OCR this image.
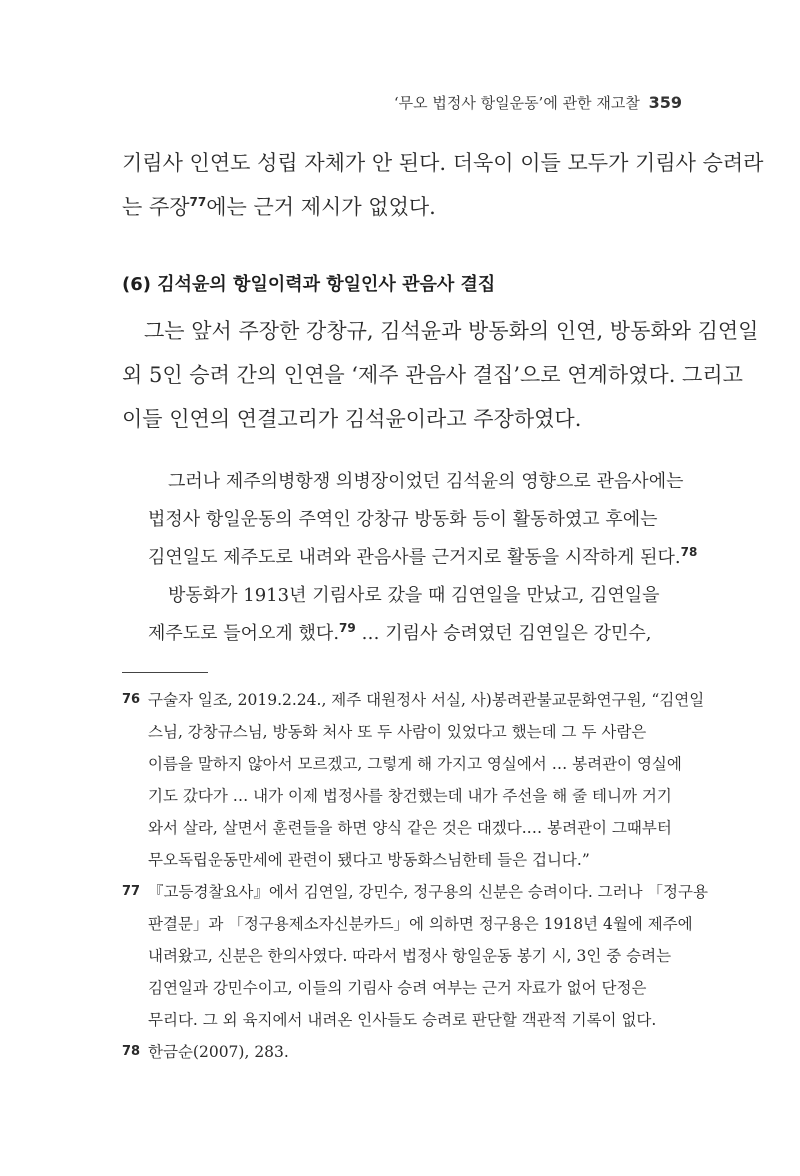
‘무오 법정사 항일운동’에 관한 재고찰 359
기림사 인연도 성립 자체가 안 된다. 더욱이 이들 모두가 기림사 승려라
는 주장$^{77}$에는 근거 제시가 없었다.
(6) 김석윤의 항일이력과 항일인사 관음사 결집
그는 앞서 주장한 강창규, 김석윤과 방동화의 인연, 방동화와 김연일
외 5인 승려 간의 인연을 ‘제주 관음사 결집’으로 연계하였다. 그리고
이들 인연의 연결고리가 김석윤이라고 주장하였다.
그러나 제주의병항쟁 의병장이었던 김석윤의 영향으로 관음사에는
법정사 항일운동의 주역인 강창규 방동화 등이 활동하였고 후에는
김연일도 제주도로 내려와 관음사를 근거지로 활동을 시작하게 된다.$^{78}$
방동화가 1913년 기림사로 갔을 때 김연일을 만났고, 김연일을
제주도로 들어오게 했다.$^{79}$ … 기림사 승려였던 김연일은 강민수,
76 구술자 일조, 2019.2.24., 제주 대원정사 서실, 사)봉려관불교문화연구원, “김연일
스님, 강창규스님, 방동화 처사 또 두 사람이 있었다고 했는데 그 두 사람은
이름을 말하지 않아서 모르겠고, 그렇게 해 가지고 영실에서 … 봉려관이 영실에
기도 갔다가 … 내가 이제 법정사를 창건했는데 내가 주선을 해 줄 테니까 거기
와서 살라, 살면서 훈련들을 하면 양식 같은 것은 대겠다.… 봉려관이 그때부터
무오독립운동만세에 관련이 됐다고 방동화스님한테 들은 겁니다.”
77 『고등경찰요사』에서 김연일, 강민수, 정구용의 신분은 승려이다. 그러나 「정구용
판결문」과 「정구용제소자신분카드」에 의하면 정구용은 1918년 4월에 제주에
내려왔고, 신분은 한의사였다. 따라서 법정사 항일운동 봉기 시, 3인 중 승려는
김연일과 강민수이고, 이들의 기림사 승려 여부는 근거 자료가 없어 단정은
무리다. 그 외 육지에서 내려온 인사들도 승려로 판단할 객관적 기록이 없다.
78 한금순(2007), 283.
